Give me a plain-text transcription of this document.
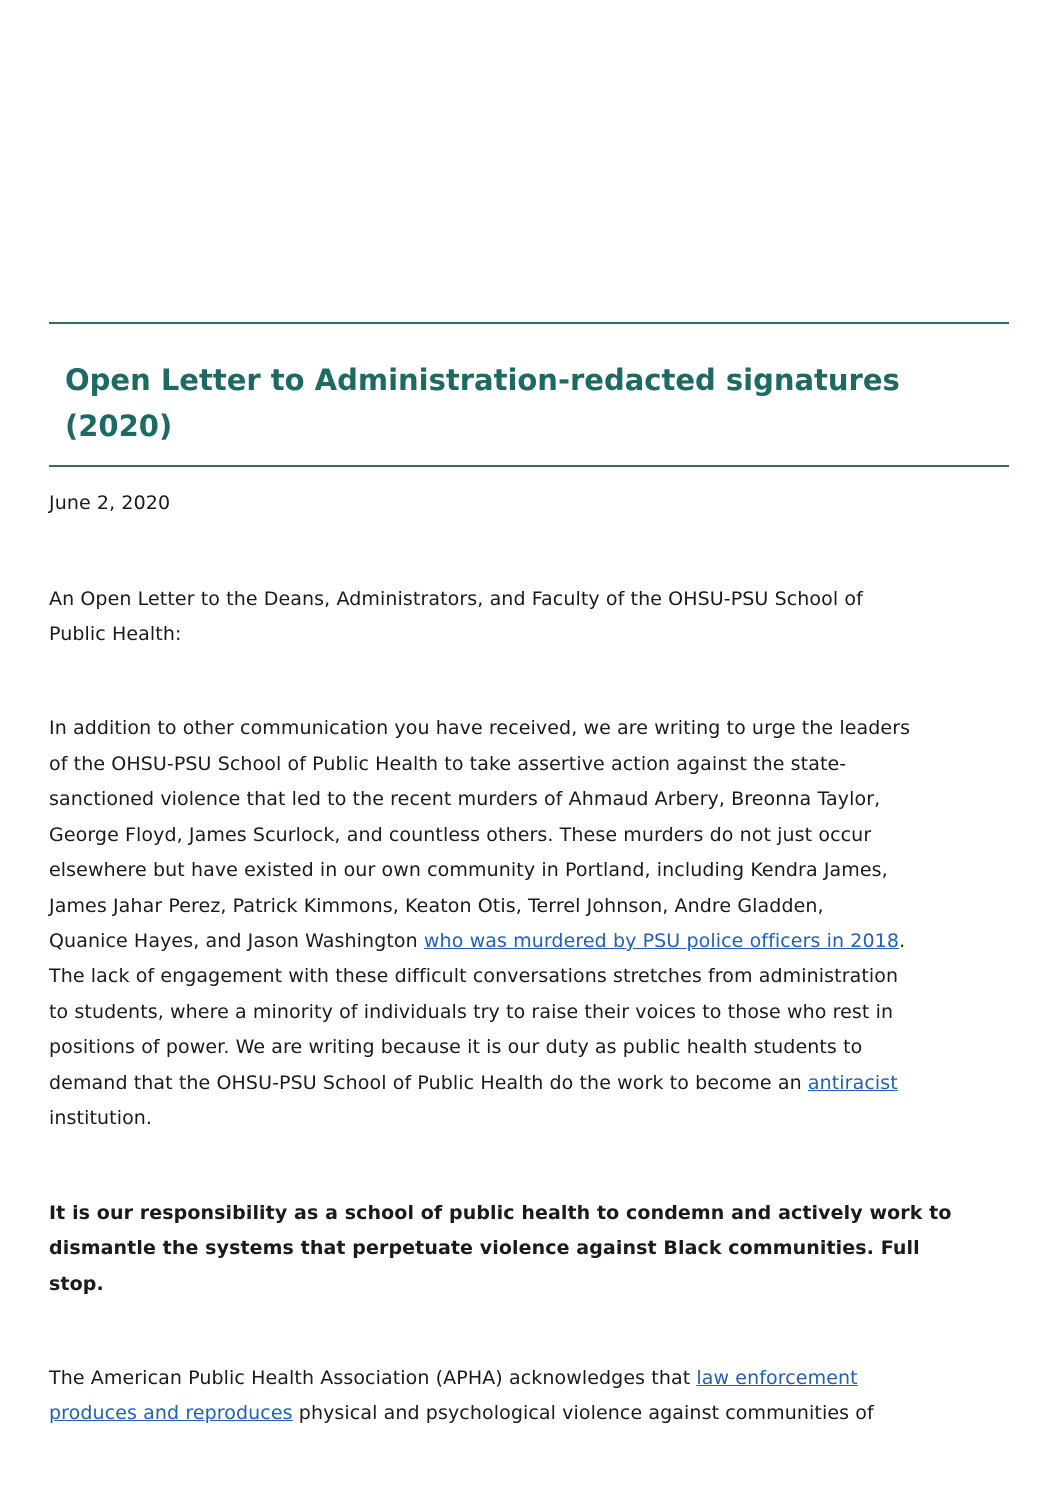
Open Letter to Administration-redacted signatures
(2020)
June 2, 2020
An Open Letter to the Deans, Administrators, and Faculty of the OHSU-PSU School of
Public Health:
In addition to other communication you have received, we are writing to urge the leaders
of the OHSU-PSU School of Public Health to take assertive action against the state-
sanctioned violence that led to the recent murders of Ahmaud Arbery, Breonna Taylor,
George Floyd, James Scurlock, and countless others. These murders do not just occur
elsewhere but have existed in our own community in Portland, including Kendra James,
James Jahar Perez, Patrick Kimmons, Keaton Otis, Terrel Johnson, Andre Gladden,
Quanice Hayes, and Jason Washington who was murdered by PSU police officers in 2018.
The lack of engagement with these difficult conversations stretches from administration
to students, where a minority of individuals try to raise their voices to those who rest in
positions of power. We are writing because it is our duty as public health students to
demand that the OHSU-PSU School of Public Health do the work to become an antiracist
institution.
It is our responsibility as a school of public health to condemn and actively work to
dismantle the systems that perpetuate violence against Black communities. Full
stop.
The American Public Health Association (APHA) acknowledges that law enforcement
produces and reproduces physical and psychological violence against communities of
